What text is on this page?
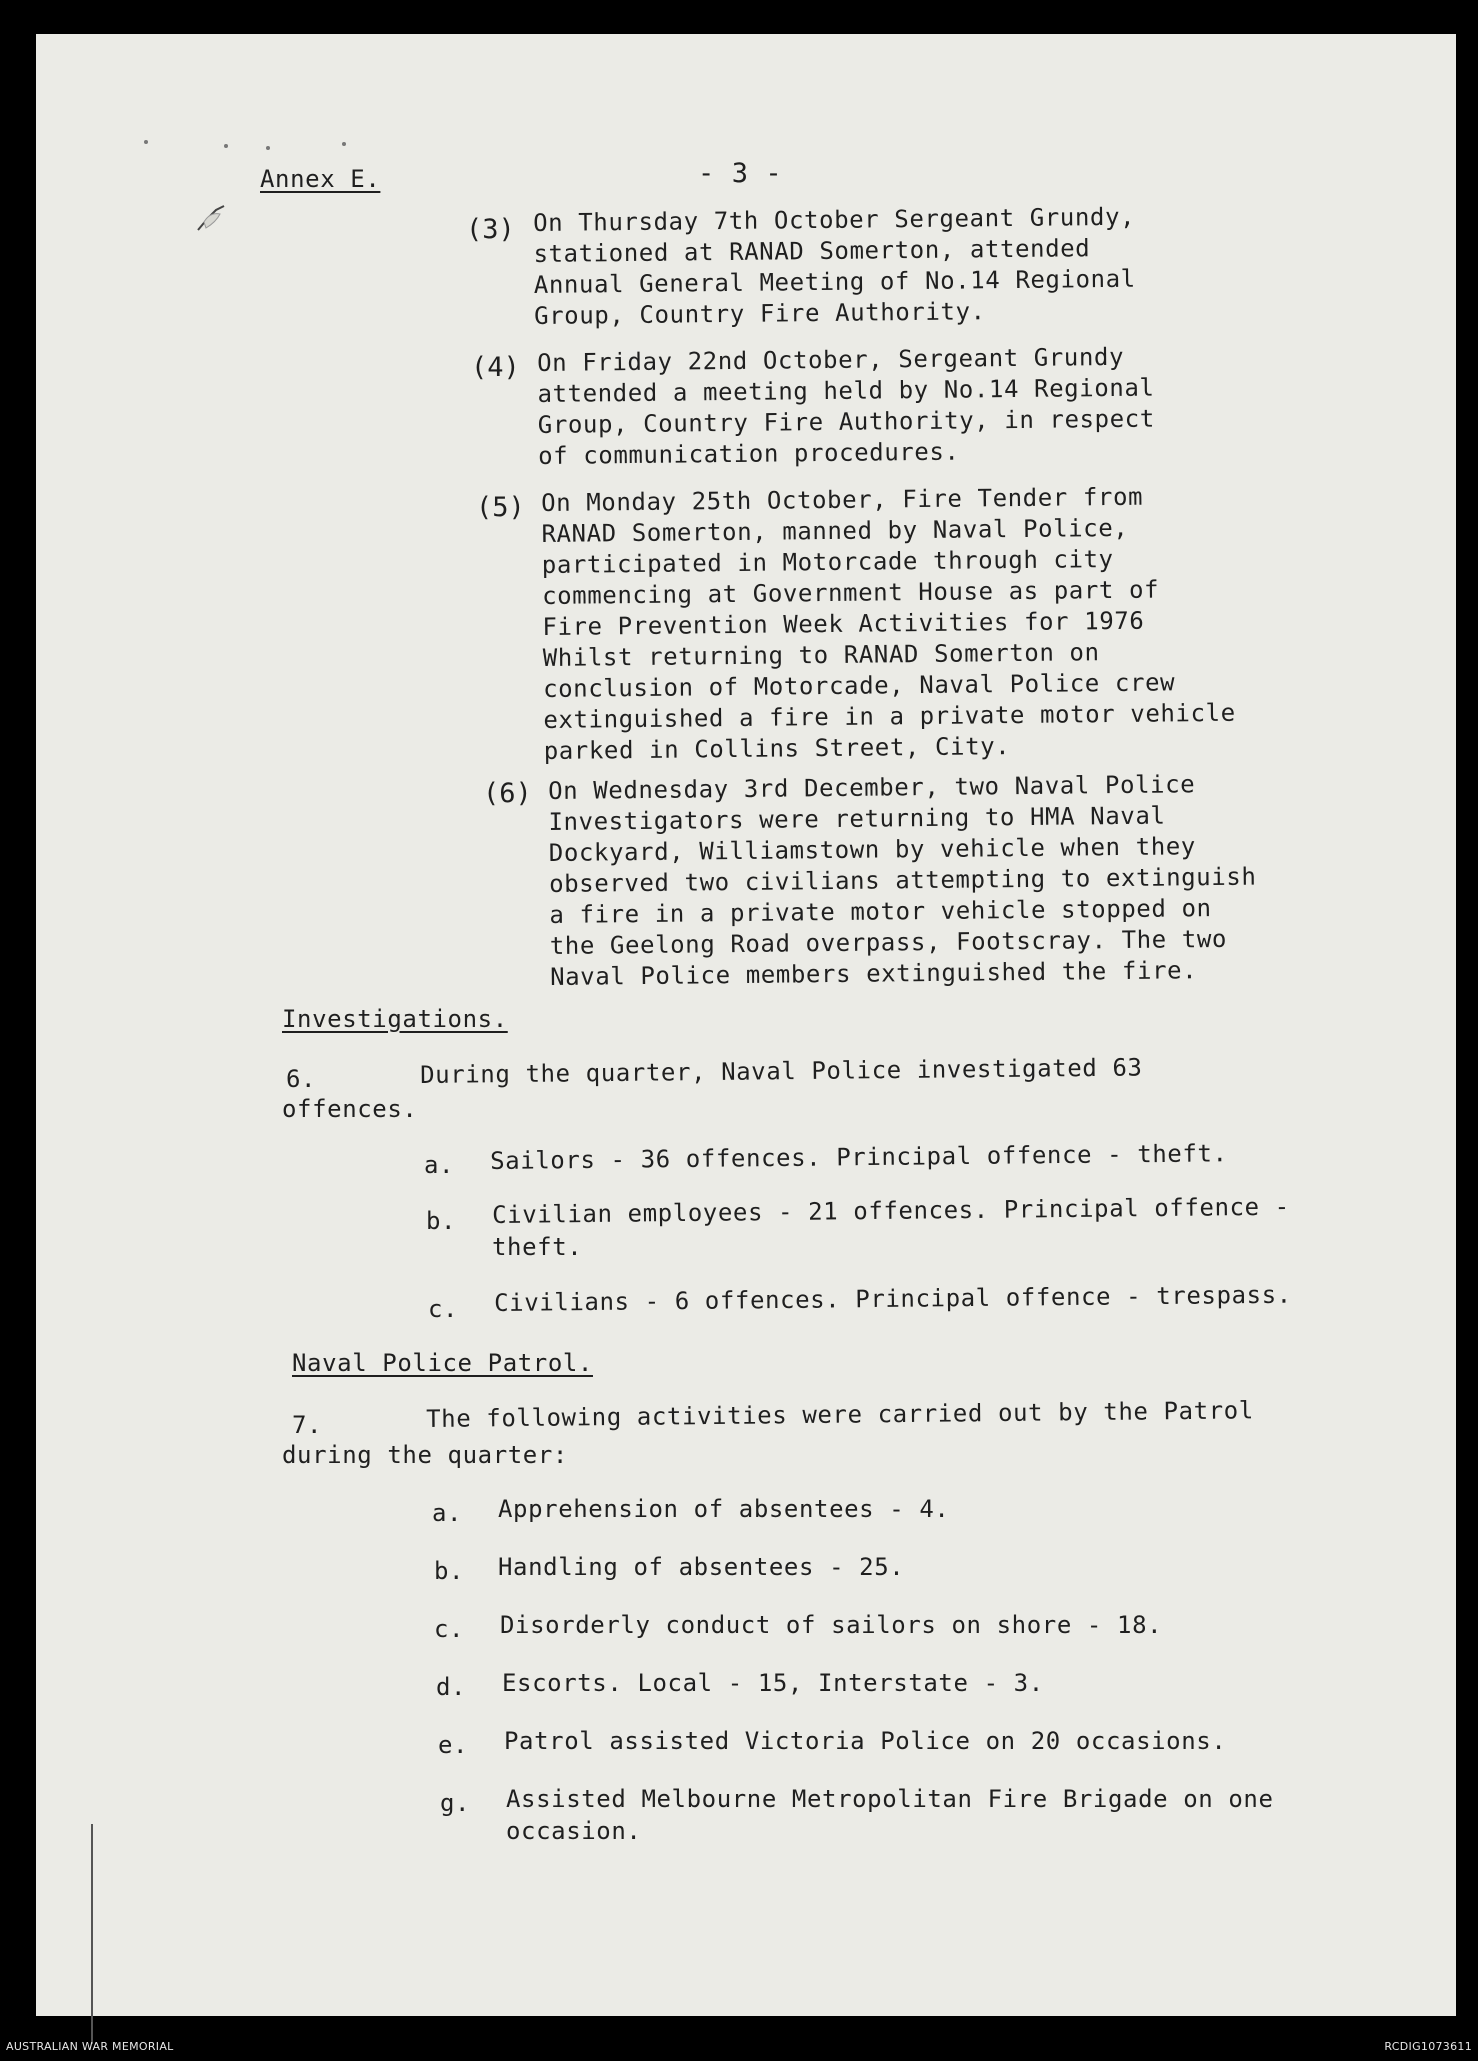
Annex E.	- 3 -
(3) On Thursday 7th October Sergeant Grundy,
stationed at RANAD Somerton, attended
Annual General Meeting of No.14 Regional
Group, Country Fire Authority.
(4) On Friday 22nd October, Sergeant Grundy
attended a meeting held by No.14 Regional
Group, Country Fire Authority, in respect
of communication procedures.
(5) On Monday 25th October, Fire Tender from
RANAD Somerton, manned by Naval Police,
participated in Motorcade through city
commencing at Government House as part of
Fire Prevention Week Activities for 1976
Whilst returning to RANAD Somerton on
conclusion of Motorcade, Naval Police crew
extinguished a fire in a private motor vehicle
parked in Collins Street, City.
(6) On Wednesday 3rd December, two Naval Police
Investigators were returning to HMA Naval
Dockyard, Williamstown by vehicle when they
observed two civilians attempting to extinguish
a fire in a private motor vehicle stopped on
the Geelong Road overpass, Footscray. The two
Naval Police members extinguished the fire.
Investigations.
6.	During the quarter, Naval Police investigated 63
offences.
a. Sailors - 36 offences. Principal offence - theft.
b. Civilian employees - 21 offences. Principal offence -
theft.
c. Civilians - 6 offences. Principal offence - trespass.
Naval Police Patrol.
7.	The following activities were carried out by the Patrol
during the quarter:
a. Apprehension of absentees - 4.
b. Handling of absentees - 25.
c. Disorderly conduct of sailors on shore - 18.
d. Escorts. Local - 15, Interstate - 3.
e. Patrol assisted Victoria Police on 20 occasions.
g. Assisted Melbourne Metropolitan Fire Brigade on one
occasion.
AUSTRALIAN WAR MEMORIAL	RCDIG1073611
